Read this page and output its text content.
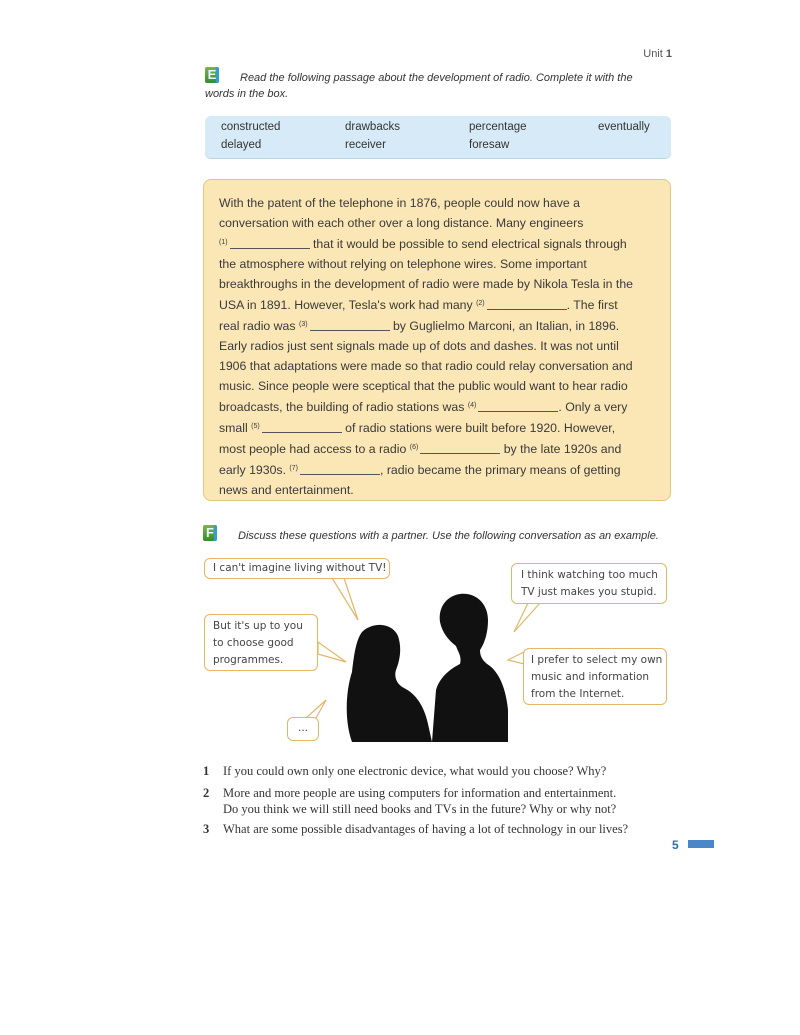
Unit 1
E Read the following passage about the development of radio. Complete it with the
words in the box.
constructed	drawbacks	percentage	eventually
delayed	receiver	foresaw

With the patent of the telephone in 1876, people could now have a

conversation with each other over a long distance. Many engineers

$^{(1)}$	that it would be possible to send electrical signals through

the atmosphere without relying on telephone wires. Some important

breakthroughs in the development of radio were made by Nikola Tesla in the

USA in 1891. However, Tesla's work had many $^{(2)}$	. The first

real radio was $^{(3)}$	by Guglielmo Marconi, an Italian, in 1896.

Early radios just sent signals made up of dots and dashes. It was not until

1906 that adaptations were made so that radio could relay conversation and

music. Since people were sceptical that the public would want to hear radio

broadcasts, the building of radio stations was $^{(4)}$	. Only a very

small $^{(5)}$	of radio stations were built before 1920. However,

most people had access to a radio $^{(6)}$	by the late 1920s and

early 1930s. $^{(7)}$	, radio became the primary means of getting

news and entertainment.

F Discuss these questions with a partner. Use the following conversation as an example.
I can't imagine living without TV!
I think watching too much
TV just makes you stupid.
But it's up to you
to choose good
programmes.	I prefer to select my own
music and information
from the Internet.
...
1 If you could own only one electronic device, what would you choose? Why?
2 More and more people are using computers for information and entertainment.
Do you think we will still need books and TVs in the future? Why or why not?
3 What are some possible disadvantages of having a lot of technology in our lives?
5
